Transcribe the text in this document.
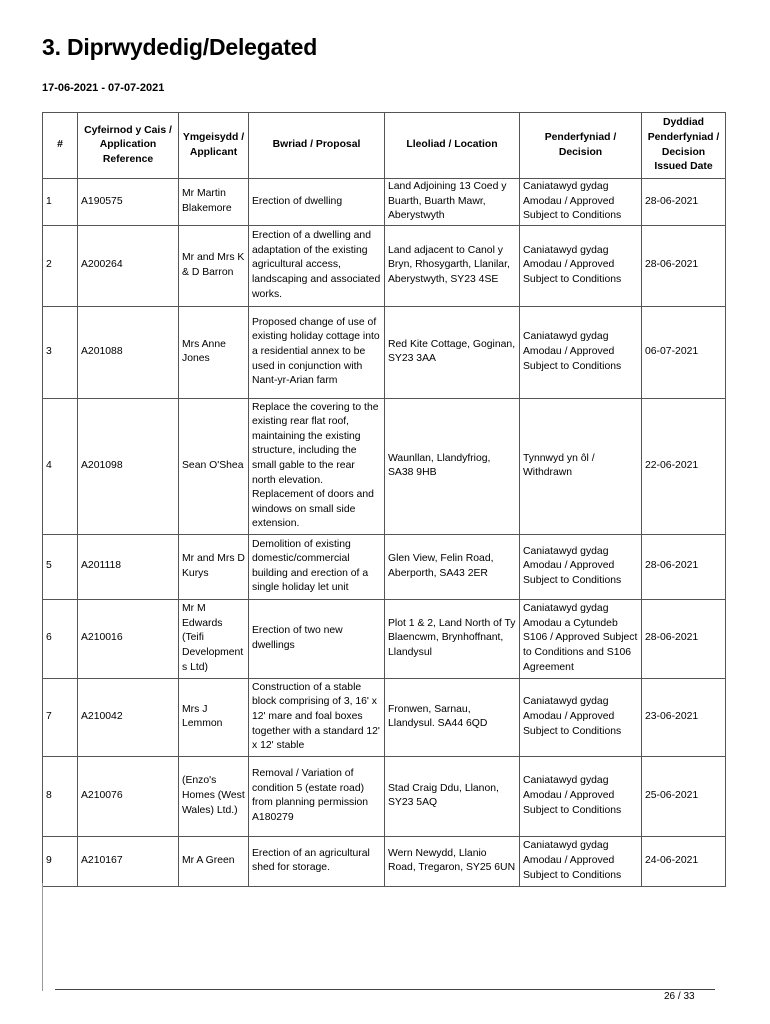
3. Diprwydedig/Delegated
17-06-2021 - 07-07-2021
#	Cyfeirnod y Cais / Application Reference	Ymgeisydd / Applicant	Bwriad / Proposal	Lleoliad / Location	Penderfyniad / Decision	Dyddiad Penderfyniad / Decision Issued Date
1	A190575	Mr Martin Blakemore	Erection of dwelling	Land Adjoining 13 Coed y Buarth, Buarth Mawr, Aberystwyth	Caniatawyd gydag Amodau / Approved Subject to Conditions	28-06-2021
2	A200264	Mr and Mrs K & D Barron	Erection of a dwelling and adaptation of the existing agricultural access, landscaping and associated works.	Land adjacent to Canol y Bryn, Rhosygarth, Llanilar, Aberystwyth, SY23 4SE	Caniatawyd gydag Amodau / Approved Subject to Conditions	28-06-2021
3	A201088	Mrs Anne Jones	Proposed change of use of existing holiday cottage into a residential annex to be used in conjunction with Nant-yr-Arian farm	Red Kite Cottage, Goginan, SY23 3AA	Caniatawyd gydag Amodau / Approved Subject to Conditions	06-07-2021
4	A201098	Sean O'Shea	Replace the covering to the existing rear flat roof, maintaining the existing structure, including the small gable to the rear north elevation. Replacement of doors and windows on small side extension.	Waunllan, Llandyfriog, SA38 9HB	Tynnwyd yn ôl / Withdrawn	22-06-2021
5	A201118	Mr and Mrs D Kurys	Demolition of existing domestic/commercial building and erection of a single holiday let unit	Glen View, Felin Road, Aberporth, SA43 2ER	Caniatawyd gydag Amodau / Approved Subject to Conditions	28-06-2021
6	A210016	Mr M Edwards (Teifi Developments Ltd)	Erection of two new dwellings	Plot 1 & 2, Land North of Ty Blaencwm, Brynhoffnant, Llandysul	Caniatawyd gydag Amodau a Cytundeb S106 / Approved Subject to Conditions and S106 Agreement	28-06-2021
7	A210042	Mrs J Lemmon	Construction of a stable block comprising of 3, 16' x 12' mare and foal boxes together with a standard 12' x 12' stable	Fronwen, Sarnau, Llandysul. SA44 6QD	Caniatawyd gydag Amodau / Approved Subject to Conditions	23-06-2021
8	A210076	(Enzo's Homes (West Wales) Ltd.)	Removal / Variation of condition 5 (estate road) from planning permission A180279	Stad Craig Ddu, Llanon, SY23 5AQ	Caniatawyd gydag Amodau / Approved Subject to Conditions	25-06-2021
9	A210167	Mr A Green	Erection of an agricultural shed for storage.	Wern Newydd, Llanio Road, Tregaron, SY25 6UN	Caniatawyd gydag Amodau / Approved Subject to Conditions	24-06-2021
26 / 33
